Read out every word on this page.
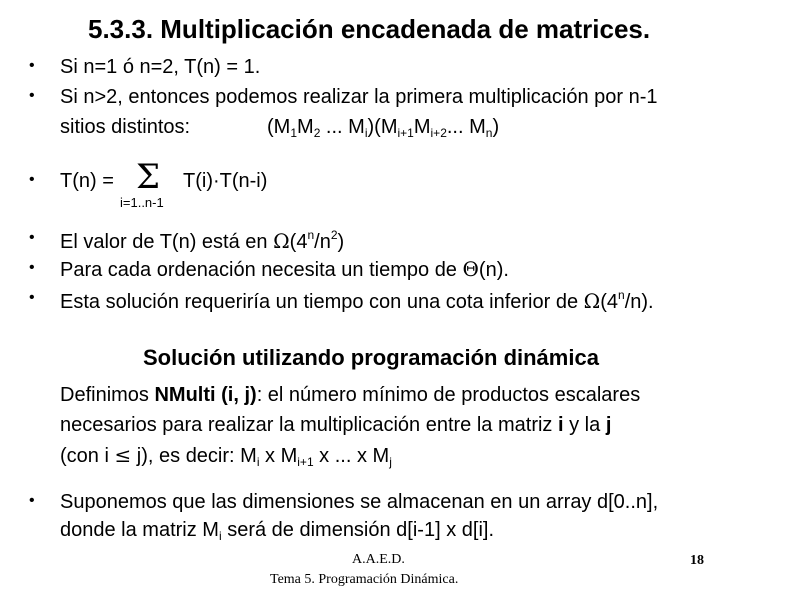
5.3.3. Multiplicación encadenada de matrices.
• Si n=1 ó n=2, T(n) = 1.
• Si n>2, entonces podemos realizar la primera multiplicación por n-1
sitios distintos:	($M_1M_2$ ... $M_i)(M_{i+1}M_{i+2}$... $M_n$)
• T(n) = Σ T(i)·T(n-i)
i=1..n-1
• El valor de T(n) está en $\Omega(4^n/n^2)$
• Para cada ordenación necesita un tiempo de Θ(n).
• Esta solución requeriría un tiempo con una cota inferior de Ω(4$^n$/n).
Solución utilizando programación dinámica
Definimos NMulti (i, j): el número mínimo de productos escalares
necesarios para realizar la multiplicación entre la matriz i y la j
(con i ≤ j), es decir: $M_i$ x $M_{i+1}$ x ... x $M_j$
• Suponemos que las dimensiones se almacenan en un array d[0..n],
donde la matriz $M_i$ será de dimensión d[i-1] x d[i].
A.A.E.D.
Tema 5. Programación Dinámica.
18
